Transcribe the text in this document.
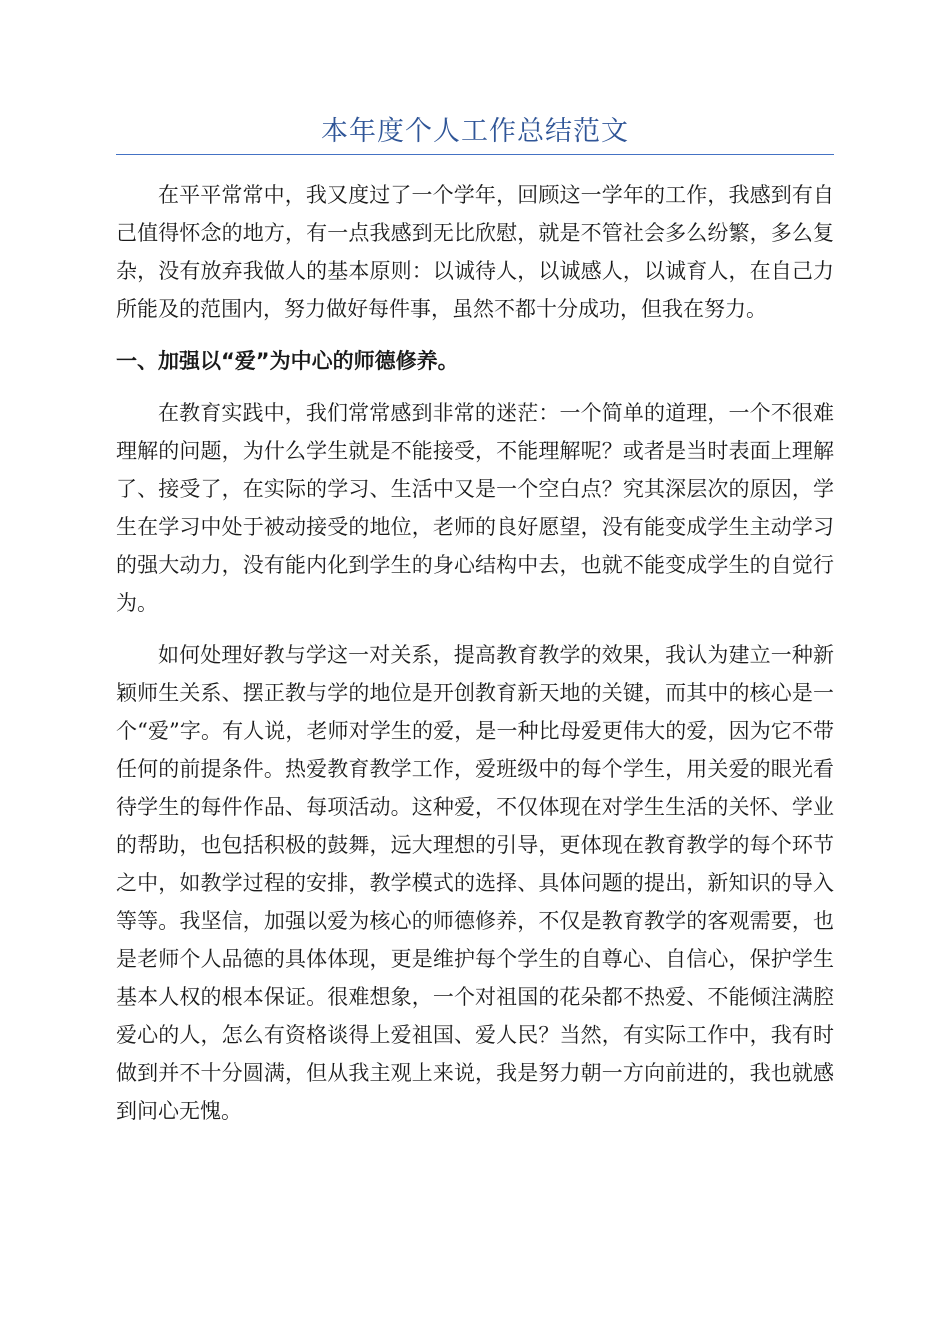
本年度个人工作总结范文

在平平常常中，我又度过了一个学年，回顾这一学年的工作，我感到有自己值得怀念的地方，有一点我感到无比欣慰，就是不管社会多么纷繁，多么复杂，没有放弃我做人的基本原则：以诚待人，以诚感人，以诚育人，在自己力所能及的范围内，努力做好每件事，虽然不都十分成功，但我在努力。

一、加强以“爱”为中心的师德修养。

在教育实践中，我们常常感到非常的迷茫：一个简单的道理，一个不很难理解的问题，为什么学生就是不能接受，不能理解呢？或者是当时表面上理解了、接受了，在实际的学习、生活中又是一个空白点？究其深层次的原因，学生在学习中处于被动接受的地位，老师的良好愿望，没有能变成学生主动学习的强大动力，没有能内化到学生的身心结构中去，也就不能变成学生的自觉行为。

如何处理好教与学这一对关系，提高教育教学的效果，我认为建立一种新颖师生关系、摆正教与学的地位是开创教育新天地的关键，而其中的核心是一个“爱”字。有人说，老师对学生的爱，是一种比母爱更伟大的爱，因为它不带任何的前提条件。热爱教育教学工作，爱班级中的每个学生，用关爱的眼光看待学生的每件作品、每项活动。这种爱，不仅体现在对学生生活的关怀、学业的帮助，也包括积极的鼓舞，远大理想的引导，更体现在教育教学的每个环节之中，如教学过程的安排，教学模式的选择、具体问题的提出，新知识的导入等等。我坚信，加强以爱为核心的师德修养，不仅是教育教学的客观需要，也是老师个人品德的具体体现，更是维护每个学生的自尊心、自信心，保护学生基本人权的根本保证。很难想象，一个对祖国的花朵都不热爱、不能倾注满腔爱心的人，怎么有资格谈得上爱祖国、爱人民？当然，有实际工作中，我有时做到并不十分圆满，但从我主观上来说，我是努力朝一方向前进的，我也就感到问心无愧。
